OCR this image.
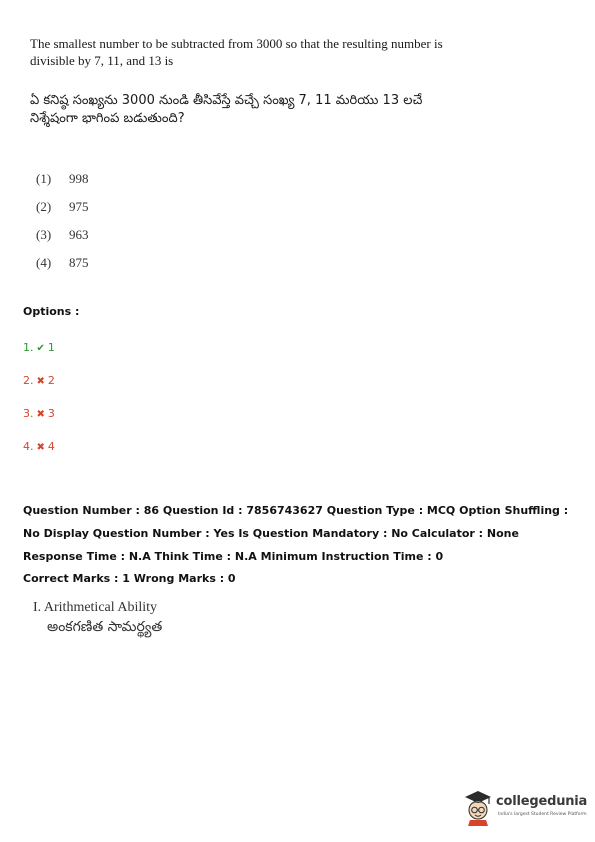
The smallest number to be subtracted from 3000 so that the resulting number is divisible by 7, 11, and 13 is
ఏ కనిష్ఠ సంఖ్యను 3000 నుండి తీసివేస్తే వచ్చే సంఖ్య 7, 11 మరియు 13 లచే నిశ్శేషంగా భాగింప బడుతుంది?
(1) 998
(2) 975
(3) 963
(4) 875
Options :
1. ✔ 1
2. ✖ 2
3. ✖ 3
4. ✖ 4
Question Number : 86 Question Id : 7856743627 Question Type : MCQ Option Shuffling : No Display Question Number : Yes Is Question Mandatory : No Calculator : None Response Time : N.A Think Time : N.A Minimum Instruction Time : 0
Correct Marks : 1 Wrong Marks : 0
I. Arithmetical Ability
అంకగణిత సామర్థ్యత
collegedunia
India's largest Student Review Platform
